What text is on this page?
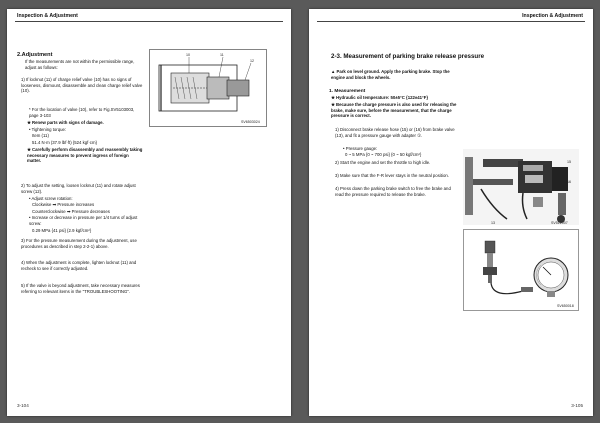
Inspection & Adjustment
2.Adjustment

If the measurements are not within the permissible range, adjust as follows:

1) If locknut (11) of charge relief valve (10) has no signs of looseness, dismount, disassemble and clean charge relief valve (10).

* For the location of valve (10), refer to Fig.SV5103003, page 3-103

★ Renew parts with signs of damage.

• Tightening torque:

Item (11)

51.4 N·m (37.9 lbf·ft) {524 kgf·cm}

★ Carefully perform disassembly and reassembly taking necessary measures to prevent ingress of foreign matter.

2) To adjust the setting, loosen locknut (11) and rotate adjust screw (12).

• Adjust screw rotation:

Clockwise ➡ Pressure increases

Counterclockwise ➡ Pressure decreases

• Increase or decrease in pressure per 1/4 turns of adjust screw:

0.29 MPa {41 psi} {2.9 kgf/cm²}

3) For the pressure measurement during the adjustment, use procedures as described in step 2-2-1) above.

4) When the adjustment is complete, lighten locknut (11) and recheck to see if correctly adjusted.

5) If the valve is beyond adjustment, take necessary measures referring to relevant items in the "TROUBLESHOOTING".

10	11
12
SV6503024
3-104
Inspection & Adjustment
2-3. Measurement of parking brake release pressure

▲ Park on level ground. Apply the parking brake. Stop the engine and block the wheels.

1. Measurement

★ Hydraulic oil temperature: 50±5°C {122±41°F}

★ Because the charge pressure is also used for releasing the brake, make sure, before the measurement, that the charge pressure is correct.

1) Disconnect brake release hose (15) or (16) from brake valve (13), and fit a pressure gauge with adapter ①.

• Pressure gauge:

0 ~ 5 MPa {0 ~ 700 psi} {0 ~ 50 kgf/cm²}

2) Start the engine and set the throttle to high idle.

3) Make sure that the F-R lever stays in the neutral position.

4) Press down the parking brake switch to free the brake and read the pressure required to release the brake.

15
16
13	SV512007
SV650018
3-105
